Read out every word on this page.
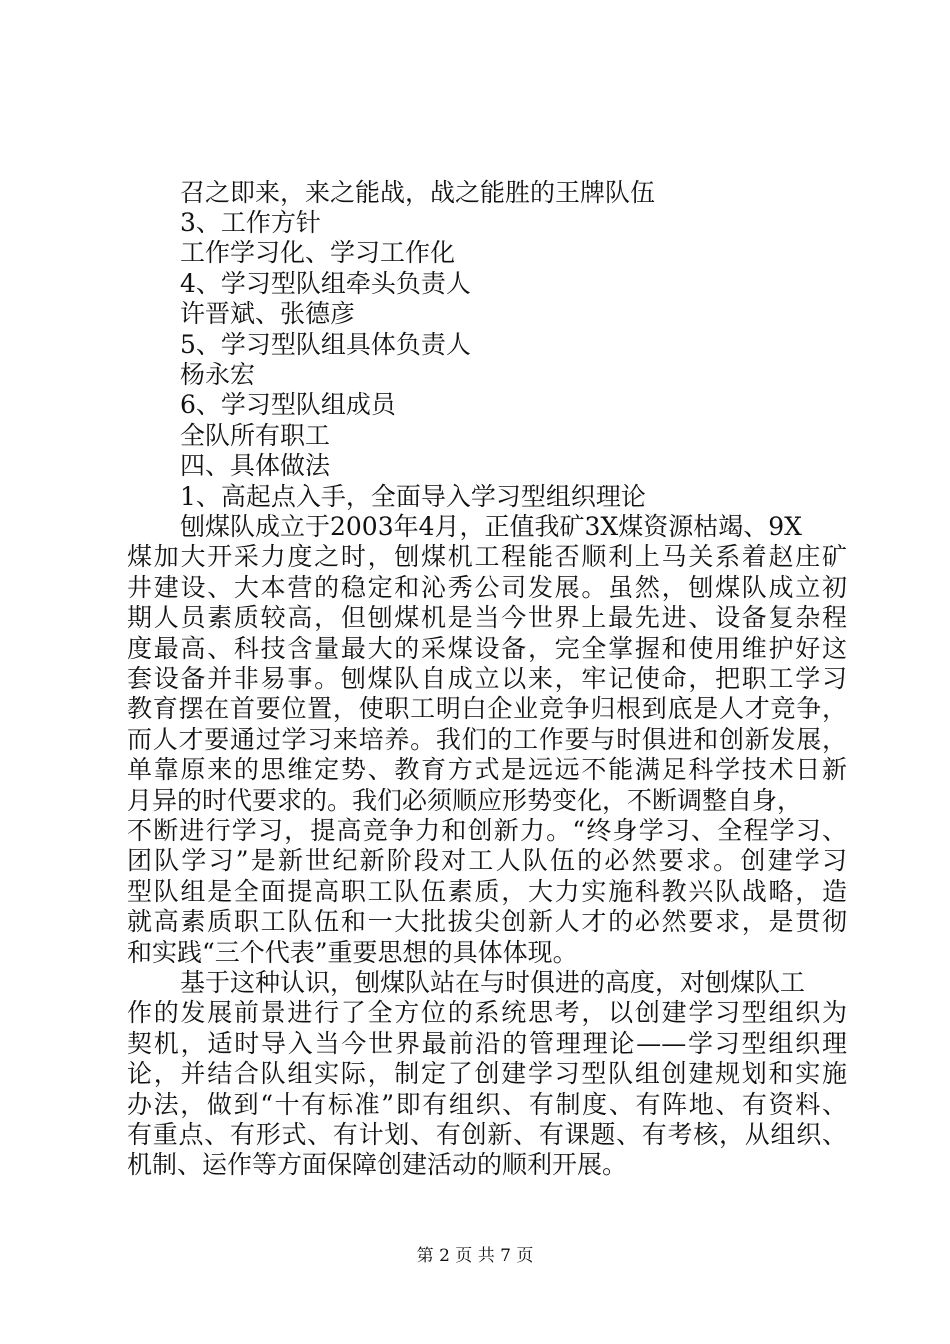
召之即来，来之能战，战之能胜的王牌队伍
3、工作方针
工作学习化、学习工作化
4、学习型队组牵头负责人
许晋斌、张德彦
5、学习型队组具体负责人
杨永宏
6、学习型队组成员
全队所有职工
四、具体做法
1、高起点入手，全面导入学习型组织理论
刨煤队成立于2003年4月，正值我矿3X煤资源枯竭、9X
煤加大开采力度之时，刨煤机工程能否顺利上马关系着赵庄矿
井建设、大本营的稳定和沁秀公司发展。虽然，刨煤队成立初
期人员素质较高，但刨煤机是当今世界上最先进、设备复杂程
度最高、科技含量最大的采煤设备，完全掌握和使用维护好这
套设备并非易事。刨煤队自成立以来，牢记使命，把职工学习
教育摆在首要位置，使职工明白企业竞争归根到底是人才竞争，
而人才要通过学习来培养。我们的工作要与时俱进和创新发展，
单靠原来的思维定势、教育方式是远远不能满足科学技术日新
月异的时代要求的。我们必须顺应形势变化，不断调整自身，
不断进行学习，提高竞争力和创新力。“终身学习、全程学习、
团队学习”是新世纪新阶段对工人队伍的必然要求。创建学习
型队组是全面提高职工队伍素质，大力实施科教兴队战略，造
就高素质职工队伍和一大批拔尖创新人才的必然要求，是贯彻
和实践“三个代表”重要思想的具体体现。
基于这种认识，刨煤队站在与时俱进的高度，对刨煤队工
作的发展前景进行了全方位的系统思考，以创建学习型组织为
契机，适时导入当今世界最前沿的管理理论——学习型组织理
论，并结合队组实际，制定了创建学习型队组创建规划和实施
办法，做到“十有标准”即有组织、有制度、有阵地、有资料、
有重点、有形式、有计划、有创新、有课题、有考核，从组织、
机制、运作等方面保障创建活动的顺利开展。
第 2 页 共 7 页
